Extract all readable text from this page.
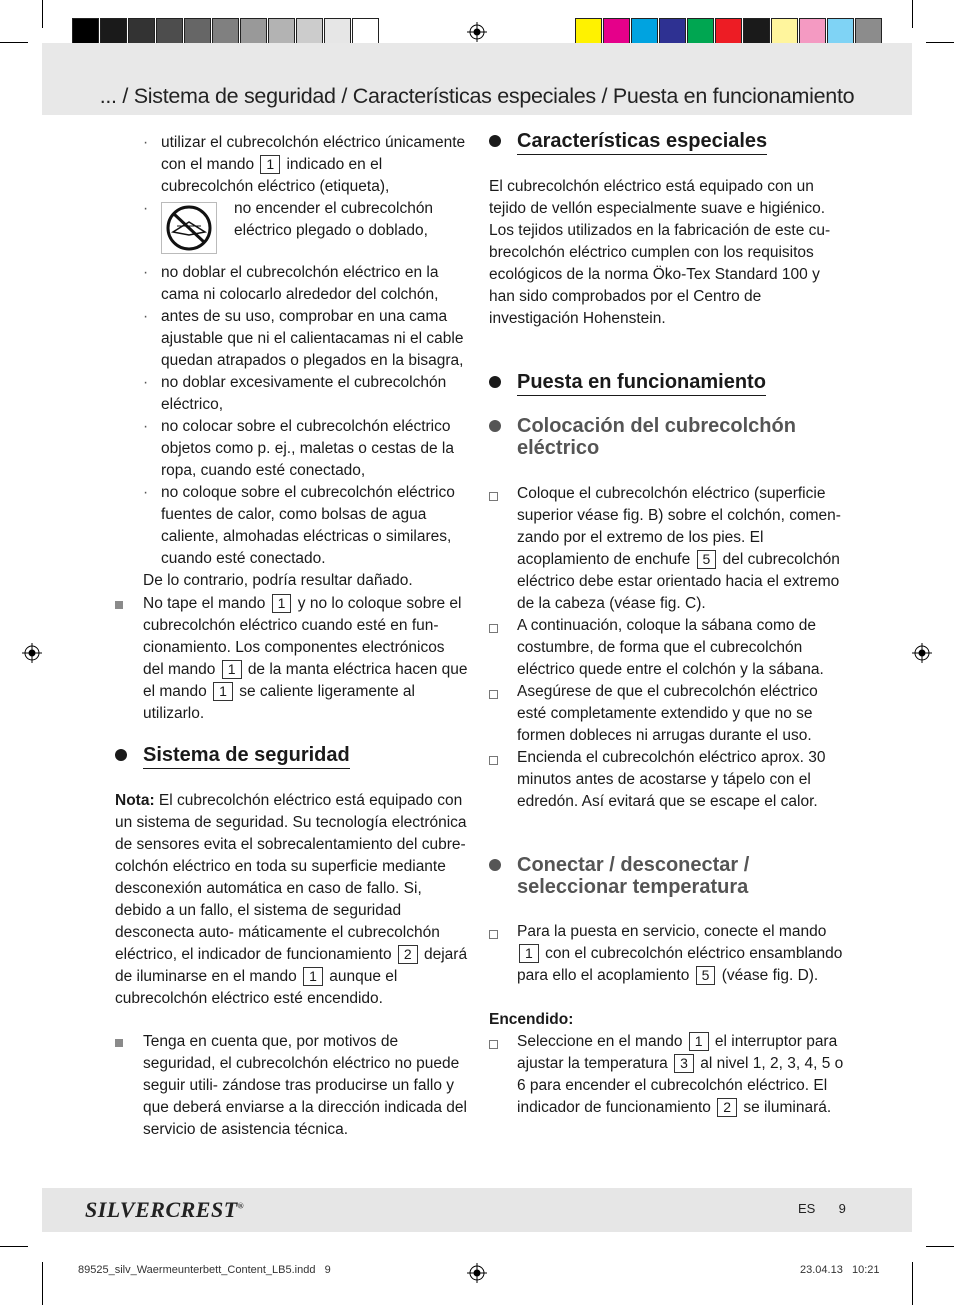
... / Sistema de seguridad / Características especiales / Puesta en funcionamiento
· utilizar el cubrecolchón eléctrico únicamente con el mando 1 indicado en el cubrecolchón eléctrico (etiqueta),
· no encender el cubrecolchón eléctrico plegado o doblado,
· no doblar el cubrecolchón eléctrico en la cama ni colocarlo alrededor del colchón,
· antes de su uso, comprobar en una cama ajustable que ni el calientacamas ni el cable quedan atrapados o plegados en la bisagra,
· no doblar excesivamente el cubrecolchón eléctrico,
· no colocar sobre el cubrecolchón eléctrico objetos como p. ej., maletas o cestas de la ropa, cuando esté conectado,
· no coloque sobre el cubrecolchón eléctrico fuentes de calor, como bolsas de agua caliente, almohadas eléctricas o similares, cuando esté conectado.
De lo contrario, podría resultar dañado.
No tape el mando 1 y no lo coloque sobre el cubrecolchón eléctrico cuando esté en fun- cionamiento. Los componentes electrónicos del mando 1 de la manta eléctrica hacen que el mando 1 se caliente ligeramente al utilizarlo.
Sistema de seguridad
Nota: El cubrecolchón eléctrico está equipado con un sistema de seguridad. Su tecnología electrónica de sensores evita el sobrecalentamiento del cubre- colchón eléctrico en toda su superficie mediante desconexión automática en caso de fallo. Si, debido a un fallo, el sistema de seguridad desconecta auto- máticamente el cubrecolchón eléctrico, el indicador de funcionamiento 2 dejará de iluminarse en el mando 1 aunque el cubrecolchón eléctrico esté encendido.
Tenga en cuenta que, por motivos de seguridad, el cubrecolchón eléctrico no puede seguir utili- zándose tras producirse un fallo y que deberá enviarse a la dirección indicada del servicio de asistencia técnica.
Características especiales
El cubrecolchón eléctrico está equipado con un tejido de vellón especialmente suave e higiénico. Los tejidos utilizados en la fabricación de este cu- brecolchón eléctrico cumplen con los requisitos ecológicos de la norma Öko-Tex Standard 100 y han sido comprobados por el Centro de investigación Hohenstein.
Puesta en funcionamiento
Colocación del cubrecolchón eléctrico
Coloque el cubrecolchón eléctrico (superficie superior véase fig. B) sobre el colchón, comen- zando por el extremo de los pies. El acoplamiento de enchufe 5 del cubrecolchón eléctrico debe estar orientado hacia el extremo de la cabeza (véase fig. C).
A continuación, coloque la sábana como de costumbre, de forma que el cubrecolchón eléctrico quede entre el colchón y la sábana.
Asegúrese de que el cubrecolchón eléctrico esté completamente extendido y que no se formen dobleces ni arrugas durante el uso.
Encienda el cubrecolchón eléctrico aprox. 30 minutos antes de acostarse y tápelo con el edredón. Así evitará que se escape el calor.
Conectar / desconectar / seleccionar temperatura
Para la puesta en servicio, conecte el mando 1 con el cubrecolchón eléctrico ensamblando para ello el acoplamiento 5 (véase fig. D).
Encendido:
Seleccione en el mando 1 el interruptor para ajustar la temperatura 3 al nivel 1, 2, 3, 4, 5 o 6 para encender el cubrecolchón eléctrico. El indicador de funcionamiento 2 se iluminará.
SILVERCREST®	ES 9
89525_silv_Waermeunterbett_Content_LB5.indd   9	23.04.13   10:21
